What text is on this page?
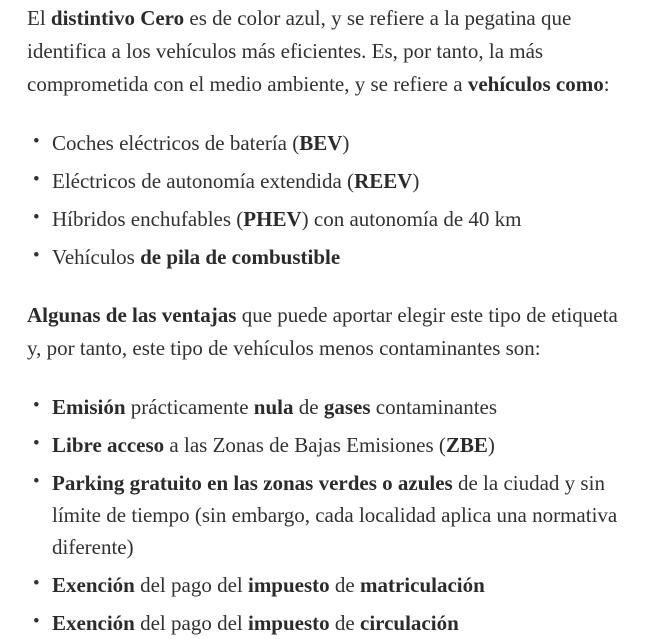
El distintivo Cero es de color azul, y se refiere a la pegatina que identifica a los vehículos más eficientes. Es, por tanto, la más comprometida con el medio ambiente, y se refiere a vehículos como:

• Coches eléctricos de batería (BEV)
• Eléctricos de autonomía extendida (REEV)
• Híbridos enchufables (PHEV) con autonomía de 40 km
• Vehículos de pila de combustible

Algunas de las ventajas que puede aportar elegir este tipo de etiqueta y, por tanto, este tipo de vehículos menos contaminantes son:

• Emisión prácticamente nula de gases contaminantes
• Libre acceso a las Zonas de Bajas Emisiones (ZBE)
• Parking gratuito en las zonas verdes o azules de la ciudad y sin límite de tiempo (sin embargo, cada localidad aplica una normativa diferente)
• Exención del pago del impuesto de matriculación
• Exención del pago del impuesto de circulación
